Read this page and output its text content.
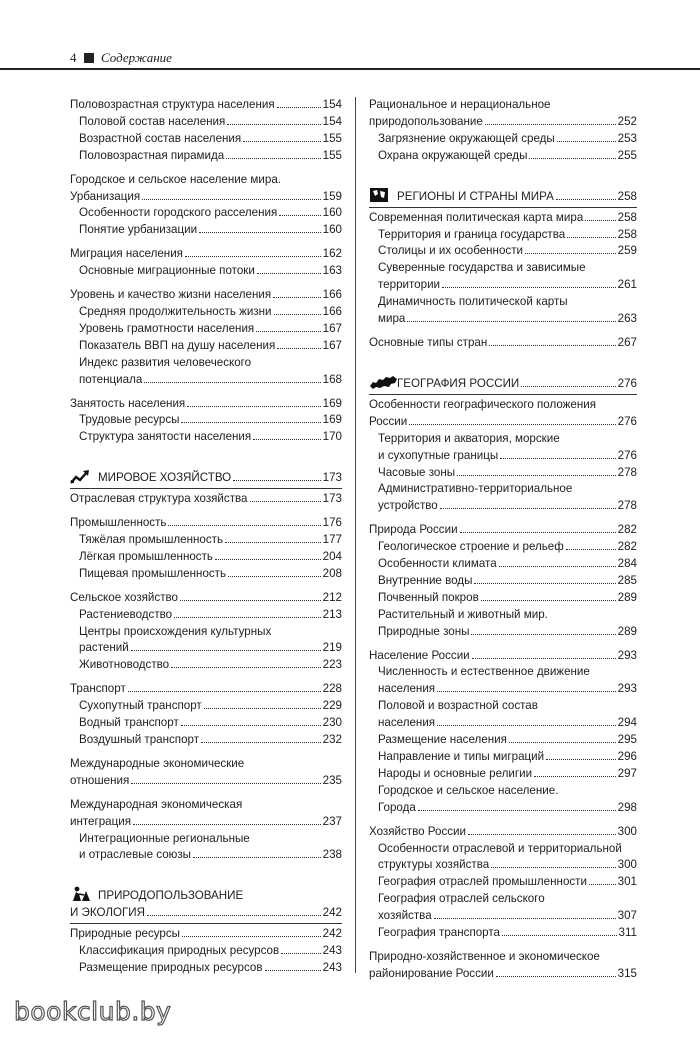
4 Содержание
Половозрастная структура населения	154
Половой состав населения	154
Возрастной состав населения	155
Половозрастная пирамида	155
Городское и сельское население мира.
Урбанизация	159
Особенности городского расселения	160
Понятие урбанизации	160
Миграция населения	162
Основные миграционные потоки	163
Уровень и качество жизни населения	166
Средняя продолжительность жизни	166
Уровень грамотности населения	167
Показатель ВВП на душу населения	167
Индекс развития человеческого
потенциала	168
Занятость населения	169
Трудовые ресурсы	169
Структура занятости населения	170
МИРОВОЕ ХОЗЯЙСТВО	173
Отраслевая структура хозяйства	173
Промышленность	176
Тяжёлая промышленность	177
Лёгкая промышленность	204
Пищевая промышленность	208
Сельское хозяйство	212
Растениеводство	213
Центры происхождения культурных
растений	219
Животноводство	223
Транспорт	228
Сухопутный транспорт	229
Водный транспорт	230
Воздушный транспорт	232
Международные экономические
отношения	235
Международная экономическая
интеграция	237
Интеграционные региональные
и отраслевые союзы	238
ПРИРОДОПОЛЬЗОВАНИЕ
И ЭКОЛОГИЯ	242
Природные ресурсы	242
Классификация природных ресурсов	243
Размещение природных ресурсов	243
Рациональное и нерациональное
природопользование	252
Загрязнение окружающей среды	253
Охрана окружающей среды	255
РЕГИОНЫ И СТРАНЫ МИРА	258
Современная политическая карта мира	258
Территория и граница государства	258
Столицы и их особенности	259
Суверенные государства и зависимые
территории	261
Динамичность политической карты
мира	263
Основные типы стран	267
ГЕОГРАФИЯ РОССИИ	276
Особенности географического положения
России	276
Территория и акватория, морские
и сухопутные границы	276
Часовые зоны	278
Административно-территориальное
устройство	278
Природа России	282
Геологическое строение и рельеф	282
Особенности климата	284
Внутренние воды	285
Почвенный покров	289
Растительный и животный мир.
Природные зоны	289
Население России	293
Численность и естественное движение
населения	293
Половой и возрастной состав
населения	294
Размещение населения	295
Направление и типы миграций	296
Народы и основные религии	297
Городское и сельское население.
Города	298
Хозяйство России	300
Особенности отраслевой и территориальной
структуры хозяйства	300
География отраслей промышленности	301
География отраслей сельского
хозяйства	307
География транспорта	311
Природно-хозяйственное и экономическое
районирование России	315
bookclub.by
